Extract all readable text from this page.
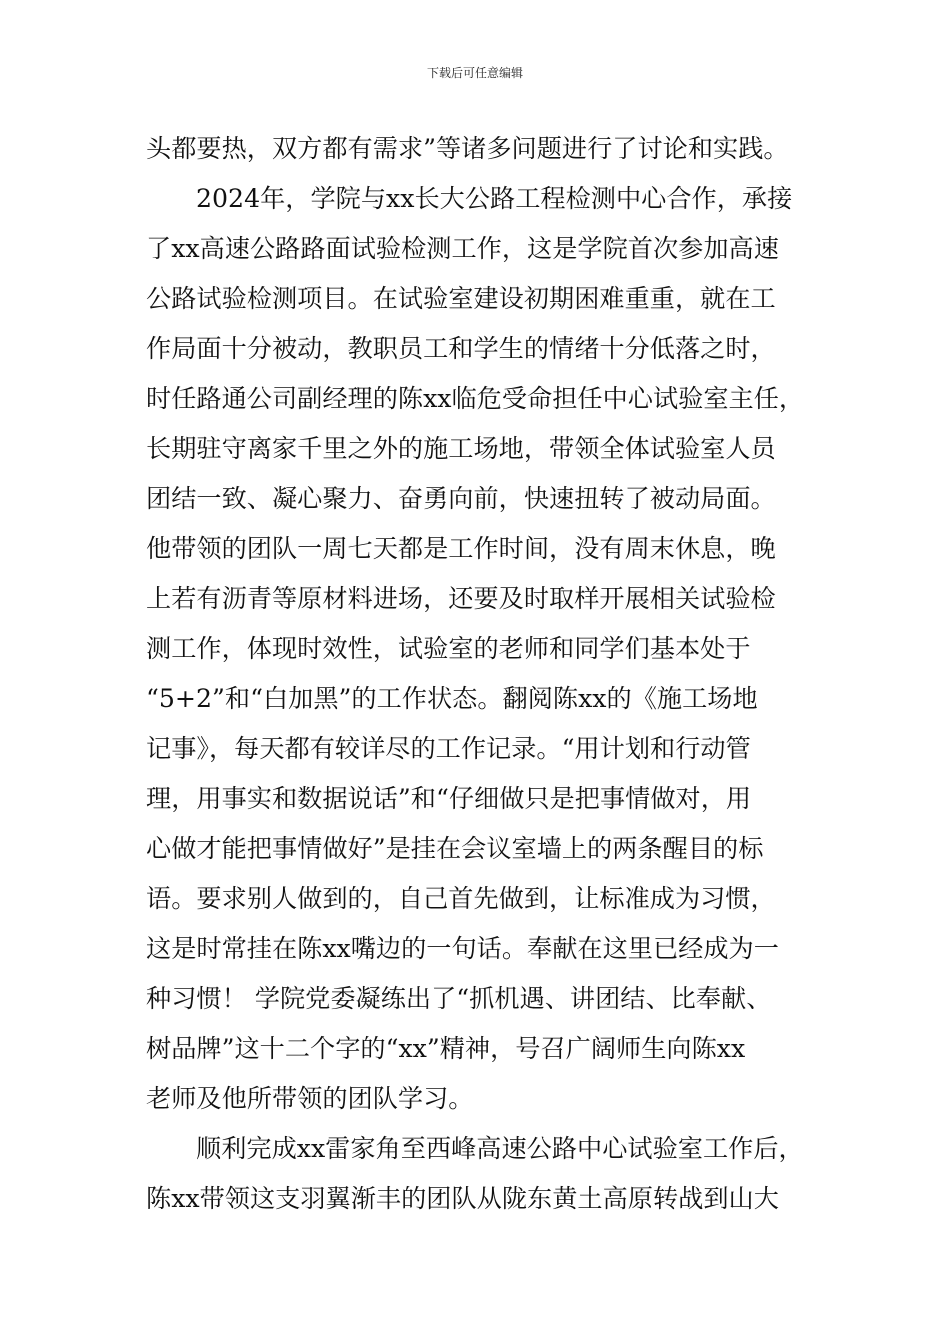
下载后可任意编辑
头都要热，双方都有需求”等诸多问题进行了讨论和实践。
2024年，学院与xx长大公路工程检测中心合作，承接
了xx高速公路路面试验检测工作，这是学院首次参加高速
公路试验检测项目。在试验室建设初期困难重重，就在工
作局面十分被动，教职员工和学生的情绪十分低落之时，
时任路通公司副经理的陈xx临危受命担任中心试验室主任，
长期驻守离家千里之外的施工场地，带领全体试验室人员
团结一致、凝心聚力、奋勇向前，快速扭转了被动局面。
他带领的团队一周七天都是工作时间，没有周末休息，晚
上若有沥青等原材料进场，还要及时取样开展相关试验检
测工作，体现时效性，试验室的老师和同学们基本处于
“5+2”和“白加黑”的工作状态。翻阅陈xx的《施工场地
记事》，每天都有较详尽的工作记录。“用计划和行动管
理，用事实和数据说话”和“仔细做只是把事情做对，用
心做才能把事情做好”是挂在会议室墙上的两条醒目的标
语。要求别人做到的，自己首先做到，让标准成为习惯，
这是时常挂在陈xx嘴边的一句话。奉献在这里已经成为一
种习惯！ 学院党委凝练出了“抓机遇、讲团结、比奉献、
树品牌”这十二个字的“xx”精神，号召广阔师生向陈xx
老师及他所带领的团队学习。
顺利完成xx雷家角至西峰高速公路中心试验室工作后，
陈xx带领这支羽翼渐丰的团队从陇东黄土高原转战到山大
